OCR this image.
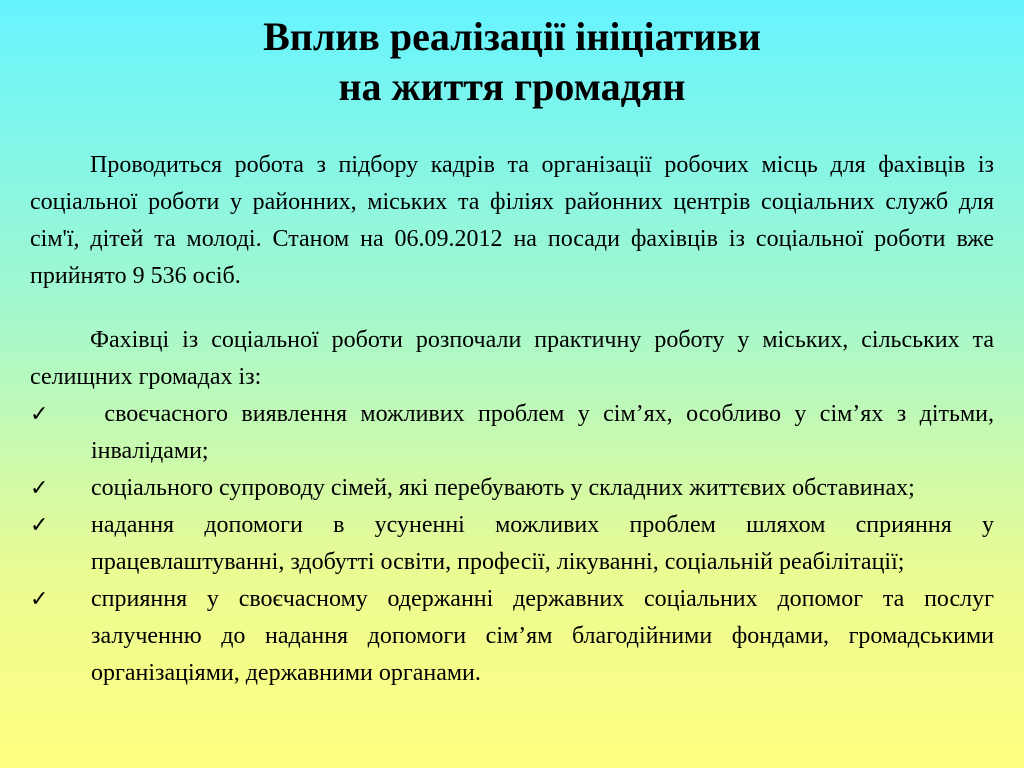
Вплив реалізації ініціативи
на життя громадян

Проводиться робота з підбору кадрів та організації робочих місць для фахівців із соціальної роботи у районних, міських та філіях районних центрів соціальних служб для сім'ї, дітей та молоді. Станом на 06.09.2012 на посади фахівців із соціальної роботи вже прийнято 9 536 осіб.

Фахівці із соціальної роботи розпочали практичну роботу у міських, сільських та селищних громадах із:

✓ своєчасного виявлення можливих проблем у сім’ях, особливо у сім’ях з дітьми, інвалідами;
✓ соціального супроводу сімей, які перебувають у складних життєвих обставинах;
✓ надання допомоги в усуненні можливих проблем шляхом сприяння у працевлаштуванні, здобутті освіти, професії, лікуванні, соціальній реабілітації;
✓ сприяння у своєчасному одержанні державних соціальних допомог та послуг залученню до надання допомоги сім’ям благодійними фондами, громадськими організаціями, державними органами.
